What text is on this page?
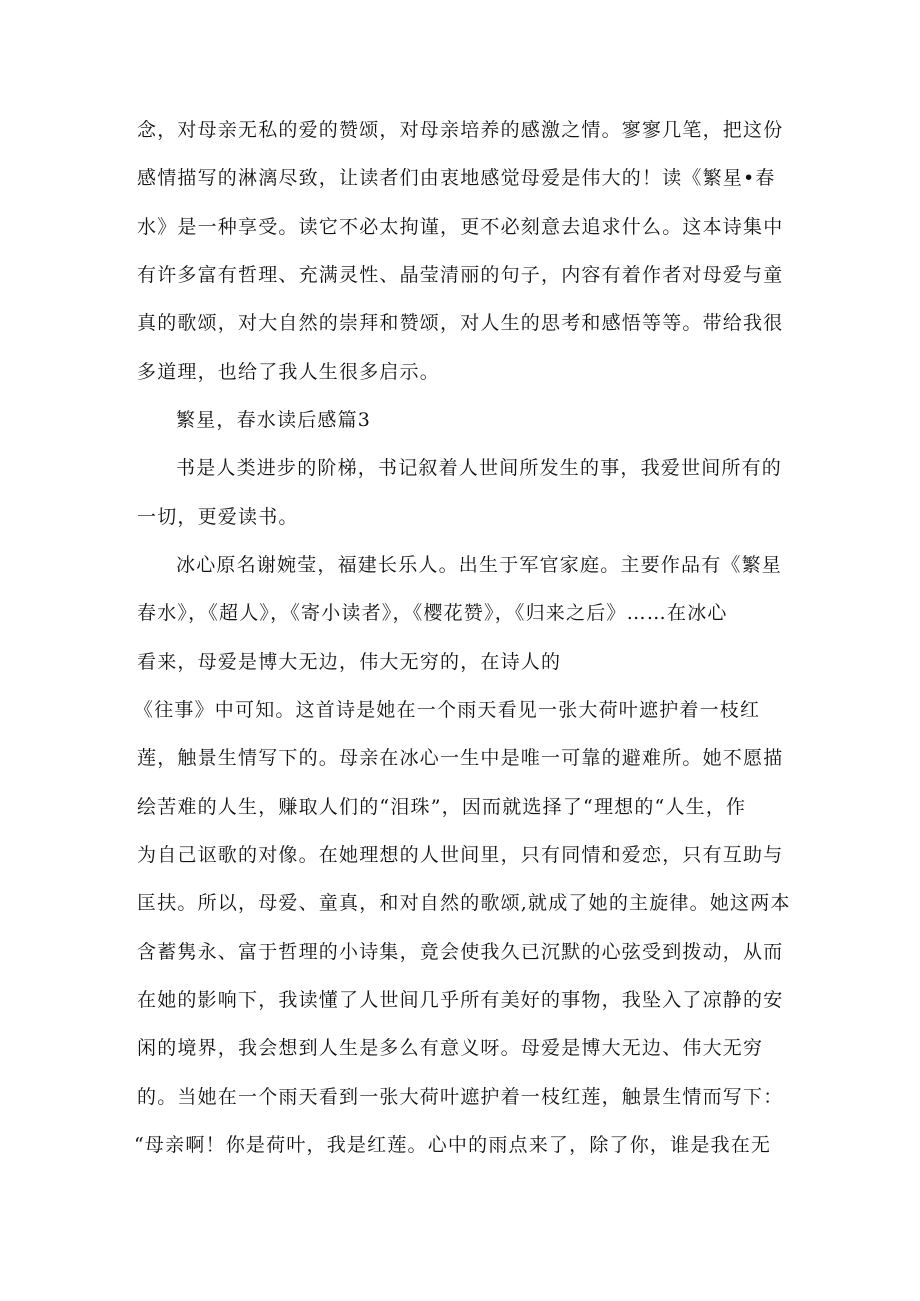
念，对母亲无私的爱的赞颂，对母亲培养的感激之情。寥寥几笔，把这份
感情描写的淋漓尽致，让读者们由衷地感觉母爱是伟大的！读《繁星•春
水》是一种享受。读它不必太拘谨，更不必刻意去追求什么。这本诗集中
有许多富有哲理、充满灵性、晶莹清丽的句子，内容有着作者对母爱与童
真的歌颂，对大自然的崇拜和赞颂，对人生的思考和感悟等等。带给我很
多道理，也给了我人生很多启示。
繁星，春水读后感篇3
书是人类进步的阶梯，书记叙着人世间所发生的事，我爱世间所有的
一切，更爱读书。
冰心原名谢婉莹，福建长乐人。出生于军官家庭。主要作品有《繁星
春水》，《超人》，《寄小读者》，《樱花赞》，《归来之后》……在冰心
看来，母爱是博大无边，伟大无穷的，在诗人的
《往事》中可知。这首诗是她在一个雨天看见一张大荷叶遮护着一枝红
莲，触景生情写下的。母亲在冰心一生中是唯一可靠的避难所。她不愿描
绘苦难的人生，赚取人们的“泪珠”，因而就选择了“理想的“人生，作
为自己讴歌的对像。在她理想的人世间里，只有同情和爱恋，只有互助与
匡扶。所以，母爱、童真，和对自然的歌颂,就成了她的主旋律。她这两本
含蓄隽永、富于哲理的小诗集，竟会使我久已沉默的心弦受到拨动，从而
在她的影响下，我读懂了人世间几乎所有美好的事物，我坠入了凉静的安
闲的境界，我会想到人生是多么有意义呀。母爱是博大无边、伟大无穷
的。当她在一个雨天看到一张大荷叶遮护着一枝红莲，触景生情而写下：
“母亲啊！你是荷叶，我是红莲。心中的雨点来了，除了你，谁是我在无
